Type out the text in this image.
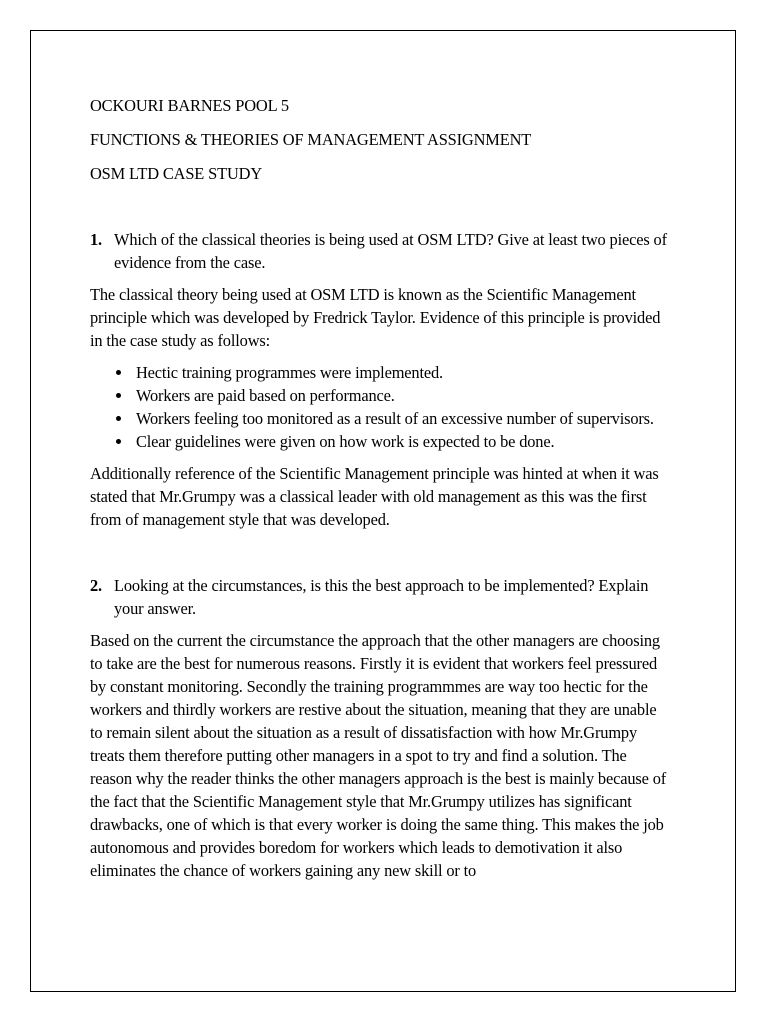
OCKOURI BARNES POOL 5
FUNCTIONS & THEORIES OF MANAGEMENT ASSIGNMENT
OSM LTD CASE STUDY
1. Which of the classical theories is being used at OSM LTD? Give at least two pieces of evidence from the case.

The classical theory being used at OSM LTD is known as the Scientific Management principle which was developed by Fredrick Taylor. Evidence of this principle is provided in the case study as follows:

Hectic training programmes were implemented.
Workers are paid based on performance.
Workers feeling too monitored as a result of an excessive number of supervisors.
Clear guidelines were given on how work is expected to be done.

Additionally reference of the Scientific Management principle was hinted at when it was stated that Mr.Grumpy was a classical leader with old management as this was the first from of management style that was developed.

2. Looking at the circumstances, is this the best approach to be implemented? Explain your answer.

Based on the current the circumstance the approach that the other managers are choosing to take are the best for numerous reasons. Firstly it is evident that workers feel pressured by constant monitoring. Secondly the training programmmes are way too hectic for the workers and thirdly workers are restive about the situation, meaning that they are unable to remain silent about the situation as a result of dissatisfaction with how Mr.Grumpy treats them therefore putting other managers in a spot to try and find a solution. The reason why the reader thinks the other managers approach is the best is mainly because of the fact that the Scientific Management style that Mr.Grumpy utilizes has significant drawbacks, one of which is that every worker is doing the same thing. This makes the job autonomous and provides boredom for workers which leads to demotivation it also eliminates the chance of workers gaining any new skill or to
